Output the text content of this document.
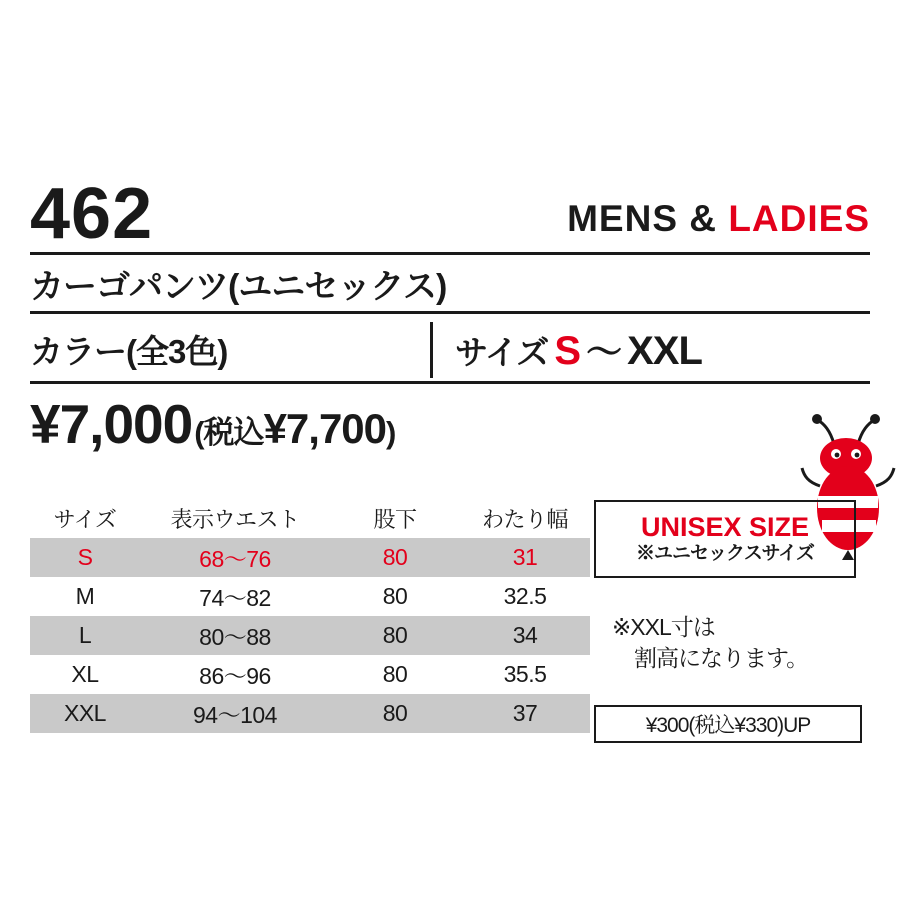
462	MENS & LADIES
カーゴパンツ(ユニセックス)
カラー(全3色)	サイズ S 〜 XXL
¥7,000 (税込¥7,700)
サイズ	表示ウエスト	股下	わたり幅
S	68〜76	80	31
M	74〜82	80	32.5
L	80〜88	80	34
XL	86〜96	80	35.5
XXL	94〜104	80	37
UNISEX SIZE
※ユニセックスサイズ
※XXL寸は
割高になります。
¥300(税込¥330)UP
